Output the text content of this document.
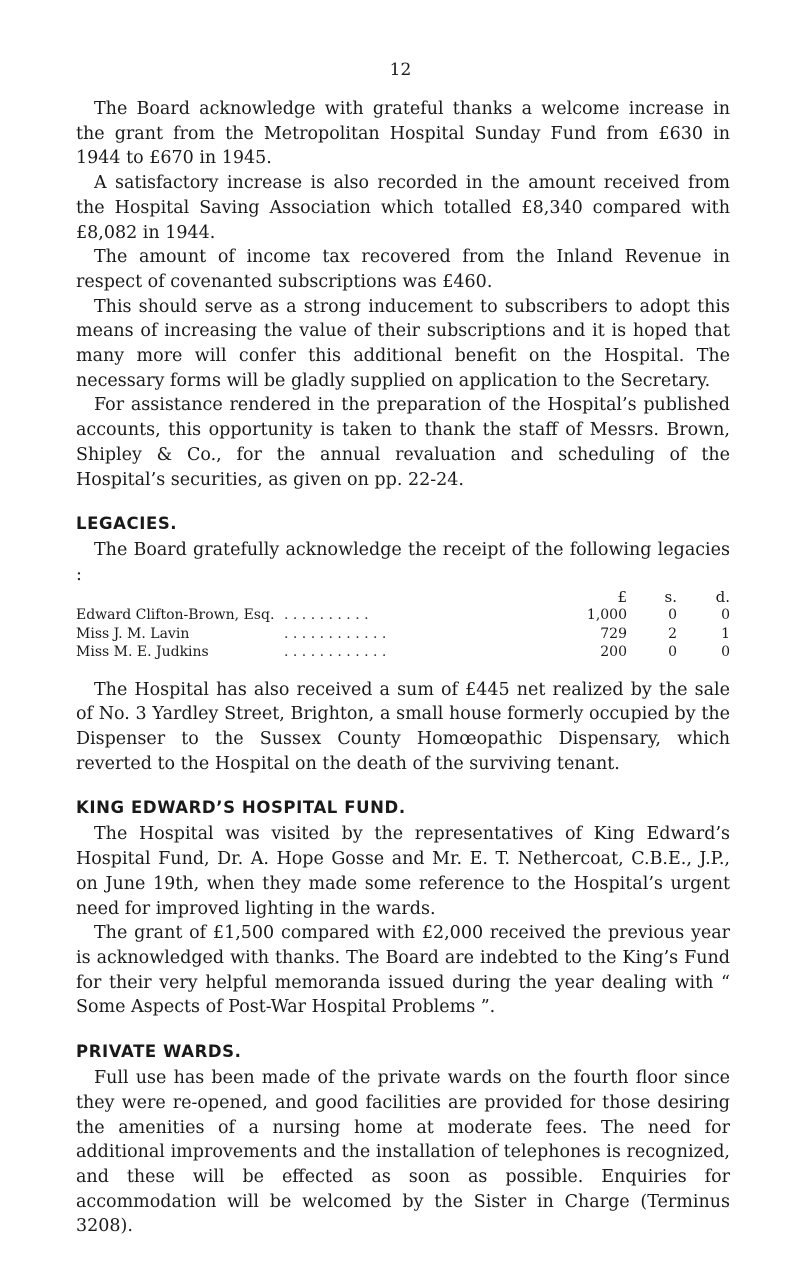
12

The Board acknowledge with grateful thanks a welcome increase in the grant from the Metropolitan Hospital Sunday Fund from £630 in 1944 to £670 in 1945.

A satisfactory increase is also recorded in the amount received from the Hospital Saving Association which totalled £8,340 compared with £8,082 in 1944.

The amount of income tax recovered from the Inland Revenue in respect of covenanted subscriptions was £460.

This should serve as a strong inducement to subscribers to adopt this means of increasing the value of their subscriptions and it is hoped that many more will confer this additional benefit on the Hospital. The necessary forms will be gladly supplied on application to the Secretary.

For assistance rendered in the preparation of the Hospital’s published accounts, this opportunity is taken to thank the staff of Messrs. Brown, Shipley & Co., for the annual revaluation and scheduling of the Hospital’s securities, as given on pp. 22-24.

LEGACIES.

The Board gratefully acknowledge the receipt of the following legacies :

	£	s.	d.
Edward Clifton-Brown, Esq. . . . . . . . . . .	1,000	0	0
Miss J. M. Lavin . . . . . . . . . . . .	729	2	1
Miss M. E. Judkins . . . . . . . . . . . .	200	0	0

The Hospital has also received a sum of £445 net realized by the sale of No. 3 Yardley Street, Brighton, a small house formerly occupied by the Dispenser to the Sussex County Homœopathic Dispensary, which reverted to the Hospital on the death of the surviving tenant.

KING EDWARD’S HOSPITAL FUND.

The Hospital was visited by the representatives of King Edward’s Hospital Fund, Dr. A. Hope Gosse and Mr. E. T. Nethercoat, C.B.E., J.P., on June 19th, when they made some reference to the Hospital’s urgent need for improved lighting in the wards.

The grant of £1,500 compared with £2,000 received the previous year is acknowledged with thanks. The Board are indebted to the King’s Fund for their very helpful memoranda issued during the year dealing with “ Some Aspects of Post-War Hospital Problems ”.

PRIVATE WARDS.

Full use has been made of the private wards on the fourth floor since they were re-opened, and good facilities are provided for those desiring the amenities of a nursing home at moderate fees. The need for additional improvements and the installation of telephones is recognized, and these will be effected as soon as possible. Enquiries for accommodation will be welcomed by the Sister in Charge (Terminus 3208).
